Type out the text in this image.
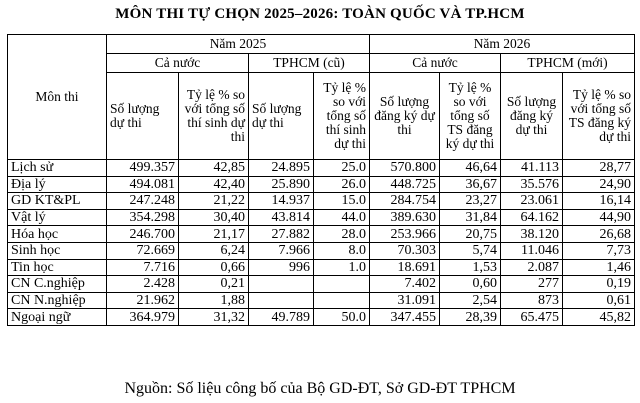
MÔN THI TỰ CHỌN 2025–2026: TOÀN QUỐC VÀ TP.HCM
Môn thi	Năm 2025				Năm 2026			
	Cả nước		TPHCM (cũ)		Cả nước		TPHCM (mới)	
	Số lượng dự thi	Tỷ lệ % so với tổng số thí sinh dự thi	Số lượng dự thi	Tỷ lệ % so với tổng số thí sinh dự thi	Số lượng đăng ký dự thi	Tỷ lệ % so với tổng số TS đăng ký dự thi	Số lượng đăng ký dự thi	Tỷ lệ % so với tổng số TS đăng ký dự thi
Lịch sử	499.357	42,85	24.895	25.0	570.800	46,64	41.113	28,77
Địa lý	494.081	42,40	25.890	26.0	448.725	36,67	35.576	24,90
GD KT&PL	247.248	21,22	14.937	15.0	284.754	23,27	23.061	16,14
Vật lý	354.298	30,40	43.814	44.0	389.630	31,84	64.162	44,90
Hóa học	246.700	21,17	27.882	28.0	253.966	20,75	38.120	26,68
Sinh học	72.669	6,24	7.966	8.0	70.303	5,74	11.046	7,73
Tin học	7.716	0,66	996	1.0	18.691	1,53	2.087	1,46
CN C.nghiệp	2.428	0,21			7.402	0,60	277	0,19
CN N.nghiệp	21.962	1,88			31.091	2,54	873	0,61
Ngoại ngữ	364.979	31,32	49.789	50.0	347.455	28,39	65.475	45,82
Nguồn: Số liệu công bố của Bộ GD-ĐT, Sở GD-ĐT TPHCM
